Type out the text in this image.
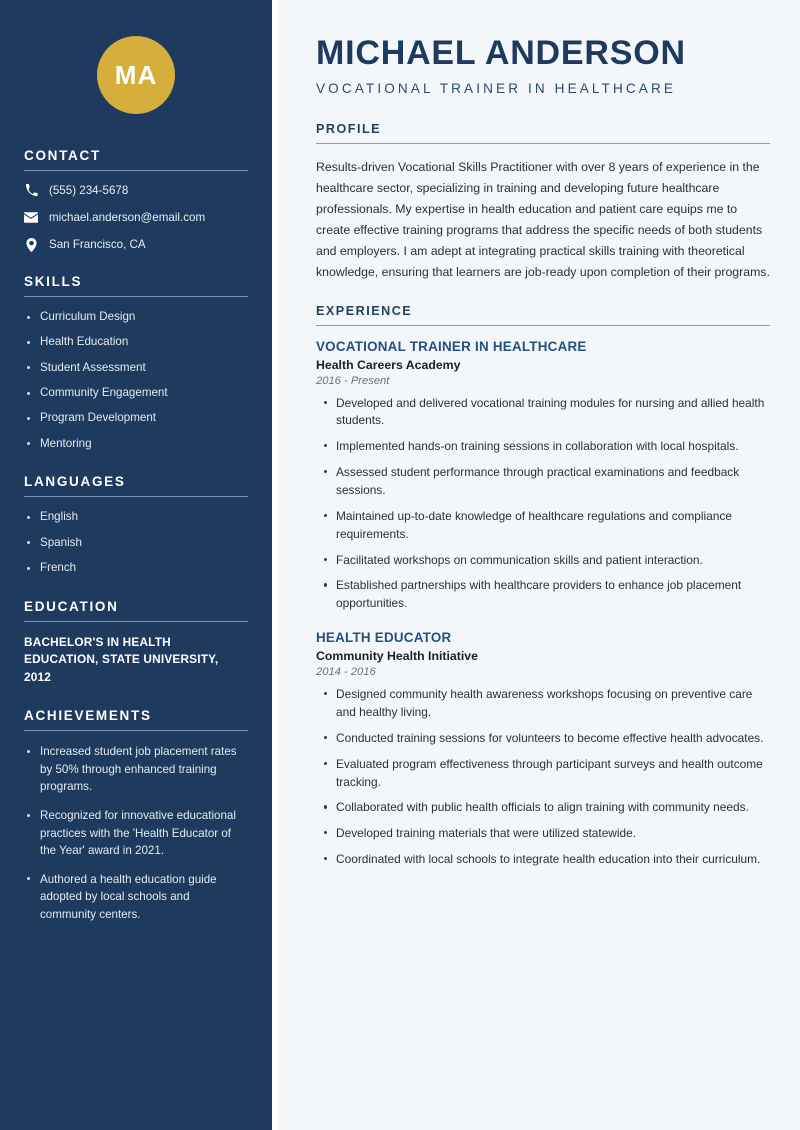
MA
CONTACT
(555) 234-5678
michael.anderson@email.com
San Francisco, CA
SKILLS
Curriculum Design
Health Education
Student Assessment
Community Engagement
Program Development
Mentoring
LANGUAGES
English
Spanish
French
EDUCATION
BACHELOR'S IN HEALTH EDUCATION, STATE UNIVERSITY, 2012
ACHIEVEMENTS
Increased student job placement rates by 50% through enhanced training programs.
Recognized for innovative educational practices with the 'Health Educator of the Year' award in 2021.
Authored a health education guide adopted by local schools and community centers.
MICHAEL ANDERSON
VOCATIONAL TRAINER IN HEALTHCARE
PROFILE

Results-driven Vocational Skills Practitioner with over 8 years of experience in the healthcare sector, specializing in training and developing future healthcare professionals. My expertise in health education and patient care equips me to create effective training programs that address the specific needs of both students and employers. I am adept at integrating practical skills training with theoretical knowledge, ensuring that learners are job-ready upon completion of their programs.

EXPERIENCE
VOCATIONAL TRAINER IN HEALTHCARE
Health Careers Academy
2016 - Present
Developed and delivered vocational training modules for nursing and allied health students.
Implemented hands-on training sessions in collaboration with local hospitals.
Assessed student performance through practical examinations and feedback sessions.
Maintained up-to-date knowledge of healthcare regulations and compliance requirements.
Facilitated workshops on communication skills and patient interaction.
Established partnerships with healthcare providers to enhance job placement opportunities.
HEALTH EDUCATOR
Community Health Initiative
2014 - 2016
Designed community health awareness workshops focusing on preventive care and healthy living.
Conducted training sessions for volunteers to become effective health advocates.
Evaluated program effectiveness through participant surveys and health outcome tracking.
Collaborated with public health officials to align training with community needs.
Developed training materials that were utilized statewide.
Coordinated with local schools to integrate health education into their curriculum.
